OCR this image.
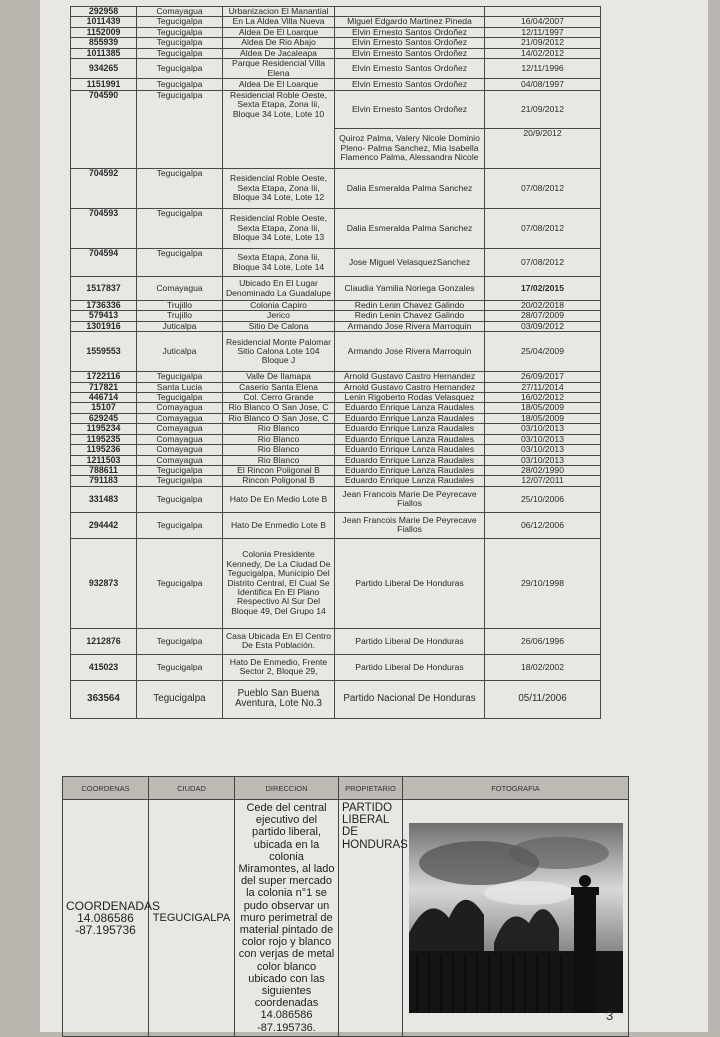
292958	Comayagua	Urbanizacion El Manantial		
1011439	Tegucigalpa	En La Aldea Villa Nueva	Miguel Edgardo Martinez Pineda	16/04/2007
1152009	Tegucigalpa	Aldea De El Loarque	Elvin Ernesto Santos Ordoñez	12/11/1997
855939	Tegucigalpa	Aldea De Rio Abajo	Elvin Ernesto Santos Ordoñez	21/09/2012
1011385	Tegucigalpa	Aldea De Jacaleapa	Elvin Ernesto Santos Ordoñez	14/02/2012
934265	Tegucigalpa	Parque Residencial Villa Elena	Elvin Ernesto Santos Ordoñez	12/11/1996
1151991	Tegucigalpa	Aldea De El Loarque	Elvin Ernesto Santos Ordoñez	04/08/1997
704590	Tegucigalpa	Residencial Roble Oeste, Sexta Etapa, Zona Iii, Bloque 34 Lote, Lote 10	Elvin Ernesto Santos Ordoñez	21/09/2012
			Quiroz Palma, Valery Nicole Dominio Pleno- Palma Sanchez, Mia Isabella Flamenco Palma, Alessandra Nicole	20/9/2012
704592	Tegucigalpa	Residencial Roble Oeste, Sexta Etapa, Zona Iii, Bloque 34 Lote, Lote 12	Dalia Esmeralda Palma Sanchez	07/08/2012
704593	Tegucigalpa	Residencial Roble Oeste, Sexta Etapa, Zona Iii, Bloque 34 Lote, Lote 13	Dalia Esmeralda Palma Sanchez	07/08/2012
704594	Tegucigalpa	Sexta Etapa, Zona Iii, Bloque 34 Lote, Lote 14	Jose Miguel VelasquezSanchez	07/08/2012
1517837	Comayagua	Ubicado En El Lugar Denominado La Guadalupe	Claudia Yamilia Noriega Gonzales	17/02/2015
1736336	Trujillo	Colonia Capiro	Redin Lenin Chavez Galindo	20/02/2018
579413	Trujillo	Jerico	Redin Lenin Chavez Galindo	28/07/2009
1301916	Juticalpa	Sitio De Calona	Armando Jose Rivera Marroquin	03/09/2012
1559553	Juticalpa	Residencial Monte Palomar Sitio Calona Lote 104 Bloque J	Armando Jose Rivera Marroquin	25/04/2009
1722116	Tegucigalpa	Valle De Ilamapa	Arnold Gustavo Castro Hernandez	26/09/2017
717821	Santa Lucia	Caserio Santa Elena	Arnold Gustavo Castro Hernandez	27/11/2014
446714	Tegucigalpa	Col. Cerro Grande	Lenin Rigoberto Rodas Velasquez	16/02/2012
15107	Comayagua	Rio Blanco O San Jose, C	Eduardo Enrique Lanza Raudales	18/05/2009
629245	Comayagua	Rio Blanco O San Jose, C	Eduardo Enrique Lanza Raudales	18/05/2009
1195234	Comayagua	Rio Blanco	Eduardo Enrique Lanza Raudales	03/10/2013
1195235	Comayagua	Rio Blanco	Eduardo Enrique Lanza Raudales	03/10/2013
1195236	Comayagua	Rio Blanco	Eduardo Enrique Lanza Raudales	03/10/2013
1211503	Comayagua	Rio Blanco	Eduardo Enrique Lanza Raudales	03/10/2013
788611	Tegucigalpa	El Rincon Poligonal B	Eduardo Enrique Lanza Raudales	28/02/1990
791183	Tegucigalpa	Rincon Poligonal B	Eduardo Enrique Lanza Raudales	12/07/2011
331483	Tegucigalpa	Hato De En Medio Lote B	Jean Francois Marie De Peyrecave Fiallos	25/10/2006
294442	Tegucigalpa	Hato De Enmedio Lote B	Jean Francois Marie De Peyrecave Fiallos	06/12/2006
932873	Tegucigalpa	Colonia Presidente Kennedy, De La Ciudad De Tegucigalpa, Municipio Del Distrito Central, El Cual Se Identifica En El Plano Respectivo Al Sur Del Bloque 49, Del Grupo 14	Partido Liberal De Honduras	29/10/1998
1212876	Tegucigalpa	Casa Ubicada En El Centro De Esta Población.	Partido Liberal De Honduras	26/06/1996
415023	Tegucigalpa	Hato De Enmedio, Frente Sector 2, Bloque 29,	Partido Liberal De Honduras	18/02/2002
363564	Tegucigalpa	Pueblo San Buena Aventura, Lote No.3	Partido Nacional De Honduras	05/11/2006
COORDENAS	CIUDAD	DIRECCION	PROPIETARIO	FOTOGRAFIA
COORDENADAS 14.086586 -87.195736	TEGUCIGALPA	Cede del central ejecutivo del partido liberal, ubicada en la colonia Miramontes, al lado del super mercado la colonia n°1 se pudo observar un muro perimetral de material pintado de color rojo y blanco con verjas de metal color blanco ubicado con las siguientes coordenadas 14.086586 -87.195736.	PARTIDO LIBERAL DE HONDURAS	
3
